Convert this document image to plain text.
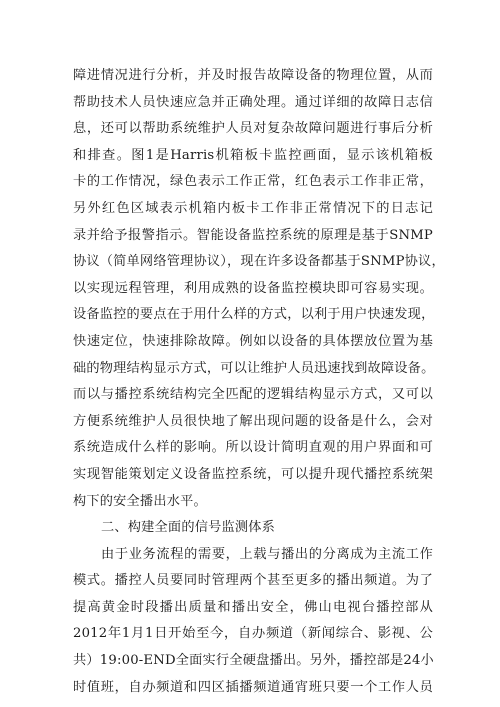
障进情况进行分析，并及时报告故障设备的物理位置，从而
帮助技术人员快速应急并正确处理。通过详细的故障日志信
息，还可以帮助系统维护人员对复杂故障问题进行事后分析
和排查。图1是Harris机箱板卡监控画面，显示该机箱板
卡的工作情况，绿色表示工作正常，红色表示工作非正常，
另外红色区域表示机箱内板卡工作非正常情况下的日志记
录并给予报警指示。智能设备监控系统的原理是基于SNMP
协议（简单网络管理协议），现在许多设备都基于SNMP协议，
以实现远程管理，利用成熟的设备监控模块即可容易实现。
设备监控的要点在于用什么样的方式，以利于用户快速发现，
快速定位，快速排除故障。例如以设备的具体摆放位置为基
础的物理结构显示方式，可以让维护人员迅速找到故障设备。
而以与播控系统结构完全匹配的逻辑结构显示方式，又可以
方便系统维护人员很快地了解出现问题的设备是什么，会对
系统造成什么样的影响。所以设计简明直观的用户界面和可
实现智能策划定义设备监控系统，可以提升现代播控系统架
构下的安全播出水平。
二、构建全面的信号监测体系
由于业务流程的需要，上载与播出的分离成为主流工作
模式。播控人员要同时管理两个甚至更多的播出频道。为了
提高黄金时段播出质量和播出安全，佛山电视台播控部从
2012年1月1日开始至今，自办频道（新闻综合、影视、公
共）19:00-END全面实行全硬盘播出。另外，播控部是24小
时值班，自办频道和四区插播频道通宵班只要一个工作人员
